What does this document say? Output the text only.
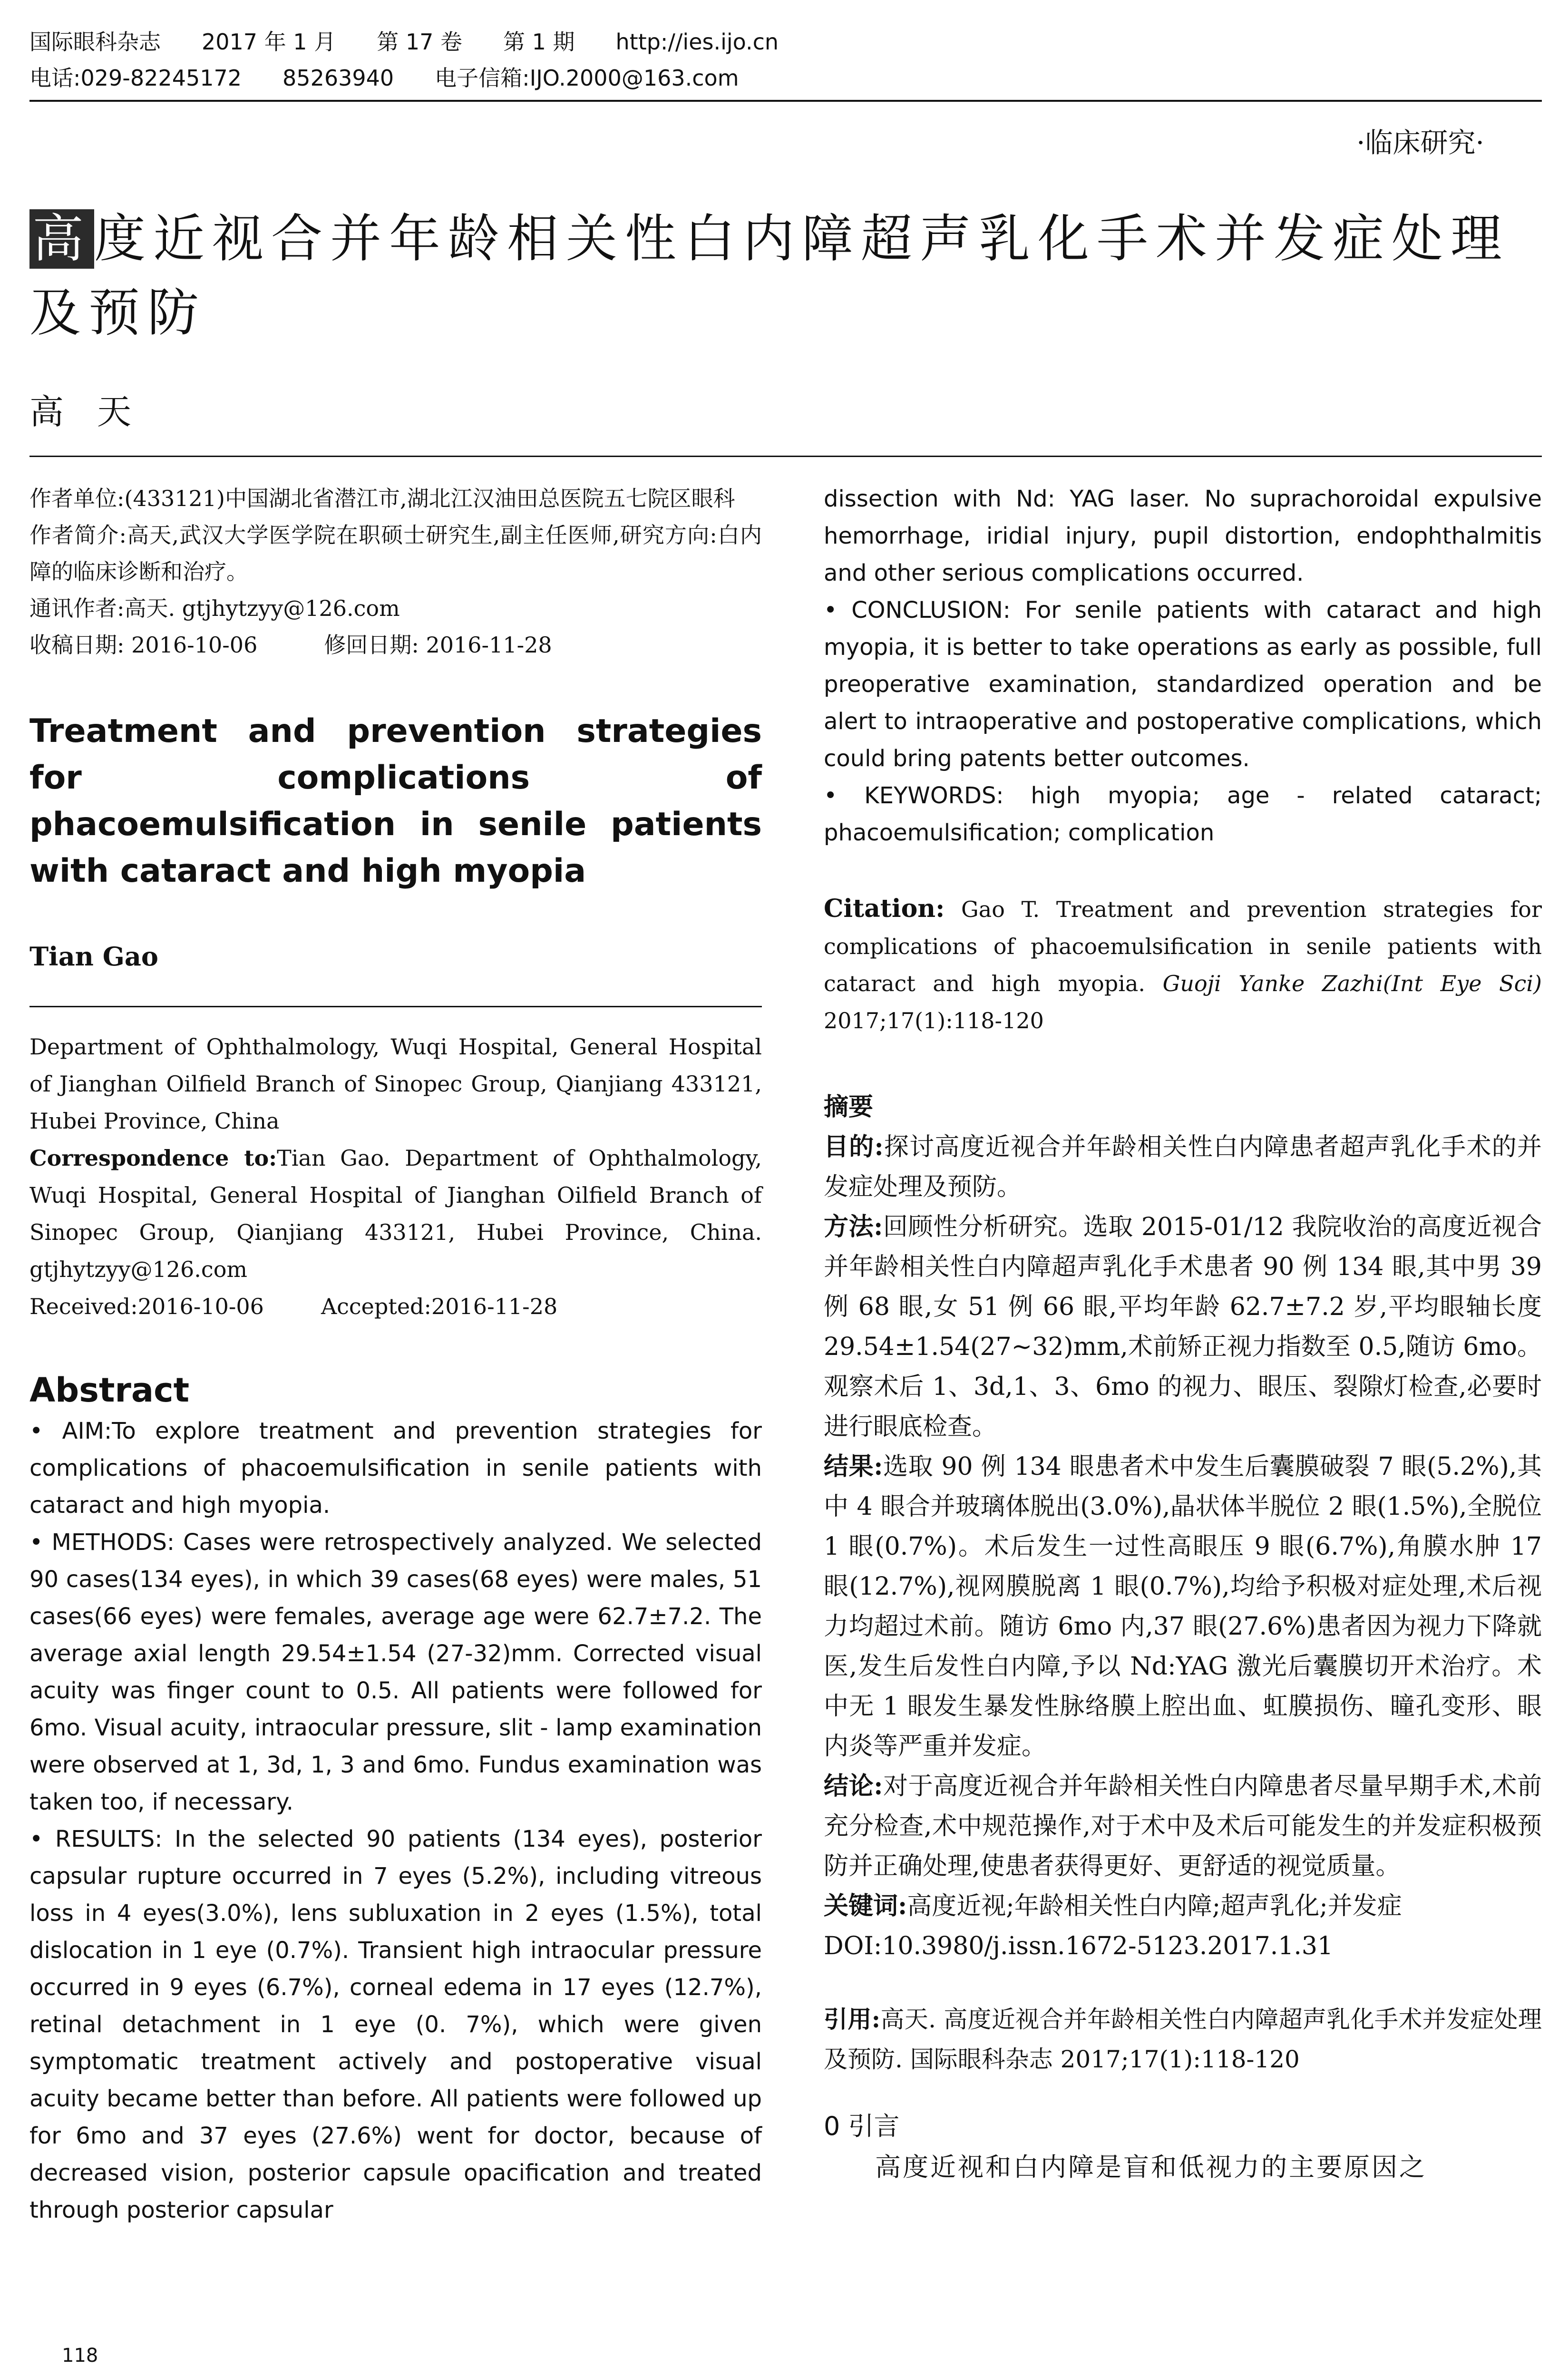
国际眼科杂志 2017 年 1 月 第 17 卷 第 1 期 http://ies.ijo.cn
电话:029-82245172 85263940 电子信箱:IJO.2000@163.com
·临床研究·
高度近视合并年龄相关性白内障超声乳化手术并发症处理及预防
高天

作者单位:(433121)中国湖北省潜江市,湖北江汉油田总医院五七院区眼科

作者简介:高天,武汉大学医学院在职硕士研究生,副主任医师,研究方向:白内障的临床诊断和治疗。

通讯作者:高天. gtjhytzyy@126.com

收稿日期: 2016-10-06	修回日期: 2016-11-28

Treatment and prevention strategies for complications of phacoemulsification in senile patients with cataract and high myopia
Tian Gao

Department of Ophthalmology, Wuqi Hospital, General Hospital of Jianghan Oilfield Branch of Sinopec Group, Qianjiang 433121, Hubei Province, China

Correspondence to:Tian Gao. Department of Ophthalmology, Wuqi Hospital, General Hospital of Jianghan Oilfield Branch of Sinopec Group, Qianjiang 433121, Hubei Province, China. gtjhytzyy@126.com

Received:2016-10-06	Accepted:2016-11-28

Abstract

• AIM:To explore treatment and prevention strategies for complications of phacoemulsification in senile patients with cataract and high myopia.

• METHODS: Cases were retrospectively analyzed. We selected 90 cases(134 eyes), in which 39 cases(68 eyes) were males, 51 cases(66 eyes) were females, average age were 62.7±7.2. The average axial length 29.54±1.54 (27-32)mm. Corrected visual acuity was finger count to 0.5. All patients were followed for 6mo. Visual acuity, intraocular pressure, slit - lamp examination were observed at 1, 3d, 1, 3 and 6mo. Fundus examination was taken too, if necessary.

• RESULTS: In the selected 90 patients (134 eyes), posterior capsular rupture occurred in 7 eyes (5.2%), including vitreous loss in 4 eyes(3.0%), lens subluxation in 2 eyes (1.5%), total dislocation in 1 eye (0.7%). Transient high intraocular pressure occurred in 9 eyes (6.7%), corneal edema in 17 eyes (12.7%), retinal detachment in 1 eye (0. 7%), which were given symptomatic treatment actively and postoperative visual acuity became better than before. All patients were followed up for 6mo and 37 eyes (27.6%) went for doctor, because of decreased vision, posterior capsule opacification and treated through posterior capsular

dissection with Nd: YAG laser. No suprachoroidal expulsive hemorrhage, iridial injury, pupil distortion, endophthalmitis and other serious complications occurred.

• CONCLUSION: For senile patients with cataract and high myopia, it is better to take operations as early as possible, full preoperative examination, standardized operation and be alert to intraoperative and postoperative complications, which could bring patents better outcomes.

• KEYWORDS: high myopia; age - related cataract; phacoemulsification; complication

Citation: Gao T. Treatment and prevention strategies for complications of phacoemulsification in senile patients with cataract and high myopia. Guoji Yanke Zazhi(Int Eye Sci) 2017;17(1):118-120
摘要

目的:探讨高度近视合并年龄相关性白内障患者超声乳化手术的并发症处理及预防。

方法:回顾性分析研究。选取 2015-01/12 我院收治的高度近视合并年龄相关性白内障超声乳化手术患者 90 例 134 眼,其中男 39 例 68 眼,女 51 例 66 眼,平均年龄 62.7±7.2 岁,平均眼轴长度 29.54±1.54(27~32)mm,术前矫正视力指数至 0.5,随访 6mo。观察术后 1、3d,1、3、6mo 的视力、眼压、裂隙灯检查,必要时进行眼底检查。

结果:选取 90 例 134 眼患者术中发生后囊膜破裂 7 眼(5.2%),其中 4 眼合并玻璃体脱出(3.0%),晶状体半脱位 2 眼(1.5%),全脱位 1 眼(0.7%)。术后发生一过性高眼压 9 眼(6.7%),角膜水肿 17 眼(12.7%),视网膜脱离 1 眼(0.7%),均给予积极对症处理,术后视力均超过术前。随访 6mo 内,37 眼(27.6%)患者因为视力下降就医,发生后发性白内障,予以 Nd:YAG 激光后囊膜切开术治疗。术中无 1 眼发生暴发性脉络膜上腔出血、虹膜损伤、瞳孔变形、眼内炎等严重并发症。

结论:对于高度近视合并年龄相关性白内障患者尽量早期手术,术前充分检查,术中规范操作,对于术中及术后可能发生的并发症积极预防并正确处理,使患者获得更好、更舒适的视觉质量。

关键词:高度近视;年龄相关性白内障;超声乳化;并发症

DOI:10.3980/j.issn.1672-5123.2017.1.31

引用:高天. 高度近视合并年龄相关性白内障超声乳化手术并发症处理及预防. 国际眼科杂志 2017;17(1):118-120
0 引言
高度近视和白内障是盲和低视力的主要原因之
118
